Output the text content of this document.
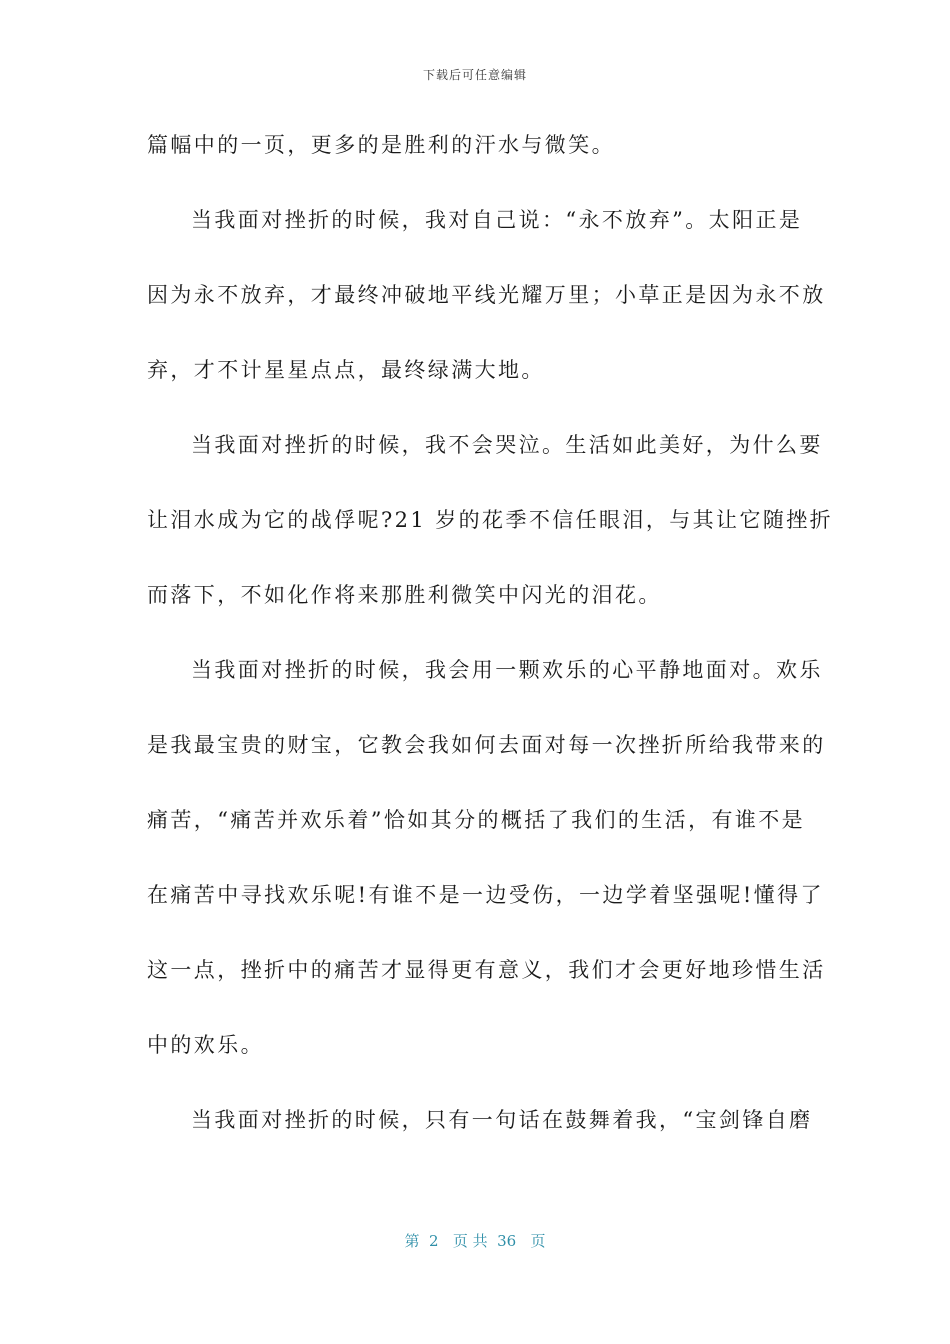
下载后可任意编辑
篇幅中的一页，更多的是胜利的汗水与微笑。
当我面对挫折的时候，我对自己说：“永不放弃”。太阳正是
因为永不放弃，才最终冲破地平线光耀万里；小草正是因为永不放
弃，才不计星星点点，最终绿满大地。
当我面对挫折的时候，我不会哭泣。生活如此美好，为什么要
让泪水成为它的战俘呢?21 岁的花季不信任眼泪，与其让它随挫折
而落下，不如化作将来那胜利微笑中闪光的泪花。
当我面对挫折的时候，我会用一颗欢乐的心平静地面对。欢乐
是我最宝贵的财宝，它教会我如何去面对每一次挫折所给我带来的
痛苦，“痛苦并欢乐着”恰如其分的概括了我们的生活，有谁不是
在痛苦中寻找欢乐呢!有谁不是一边受伤，一边学着坚强呢!懂得了
这一点，挫折中的痛苦才显得更有意义，我们才会更好地珍惜生活
中的欢乐。
当我面对挫折的时候，只有一句话在鼓舞着我，“宝剑锋自磨
第  2   页 共  36   页
